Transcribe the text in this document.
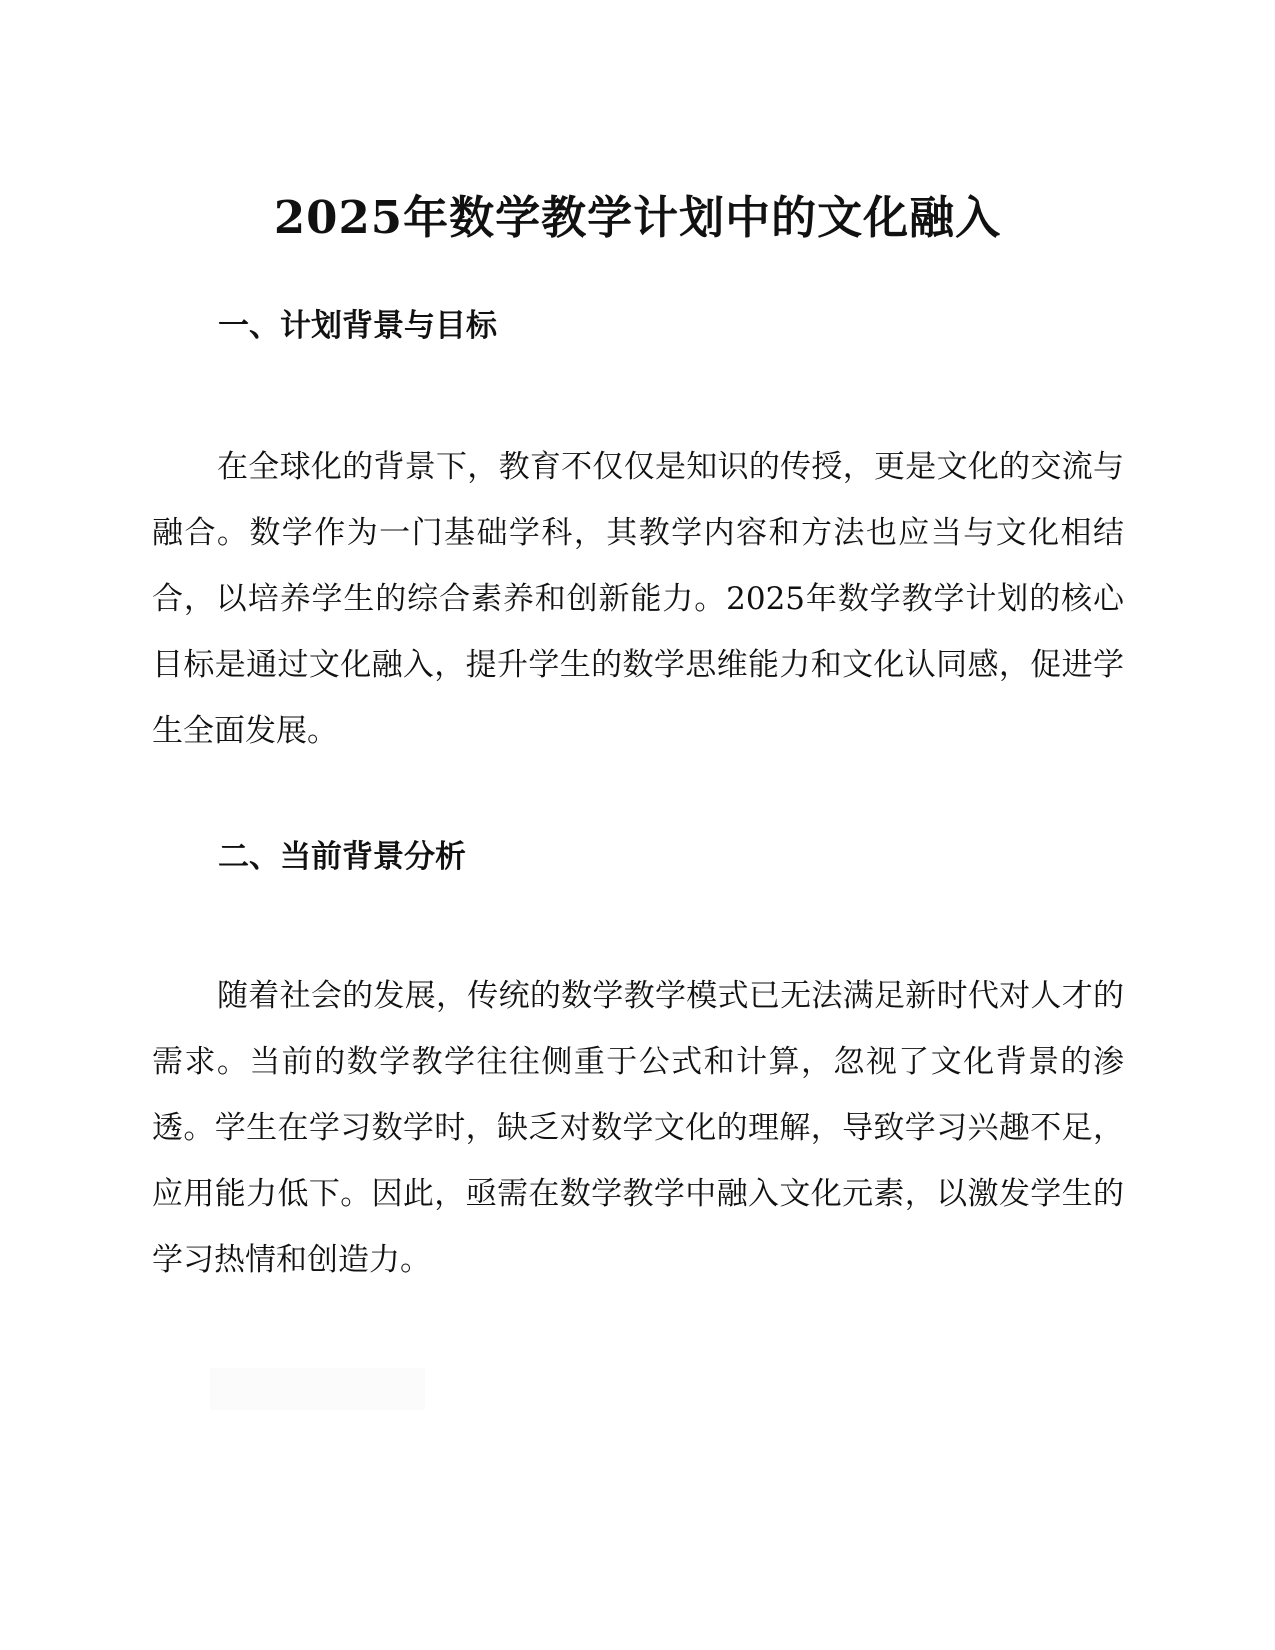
2025年数学教学计划中的文化融入
一、计划背景与目标

在全球化的背景下，教育不仅仅是知识的传授，更是文化的交流与融合。数学作为一门基础学科，其教学内容和方法也应当与文化相结合，以培养学生的综合素养和创新能力。2025年数学教学计划的核心目标是通过文化融入，提升学生的数学思维能力和文化认同感，促进学生全面发展。

二、当前背景分析

随着社会的发展，传统的数学教学模式已无法满足新时代对人才的需求。当前的数学教学往往侧重于公式和计算，忽视了文化背景的渗透。学生在学习数学时，缺乏对数学文化的理解，导致学习兴趣不足，应用能力低下。因此，亟需在数学教学中融入文化元素，以激发学生的学习热情和创造力。
